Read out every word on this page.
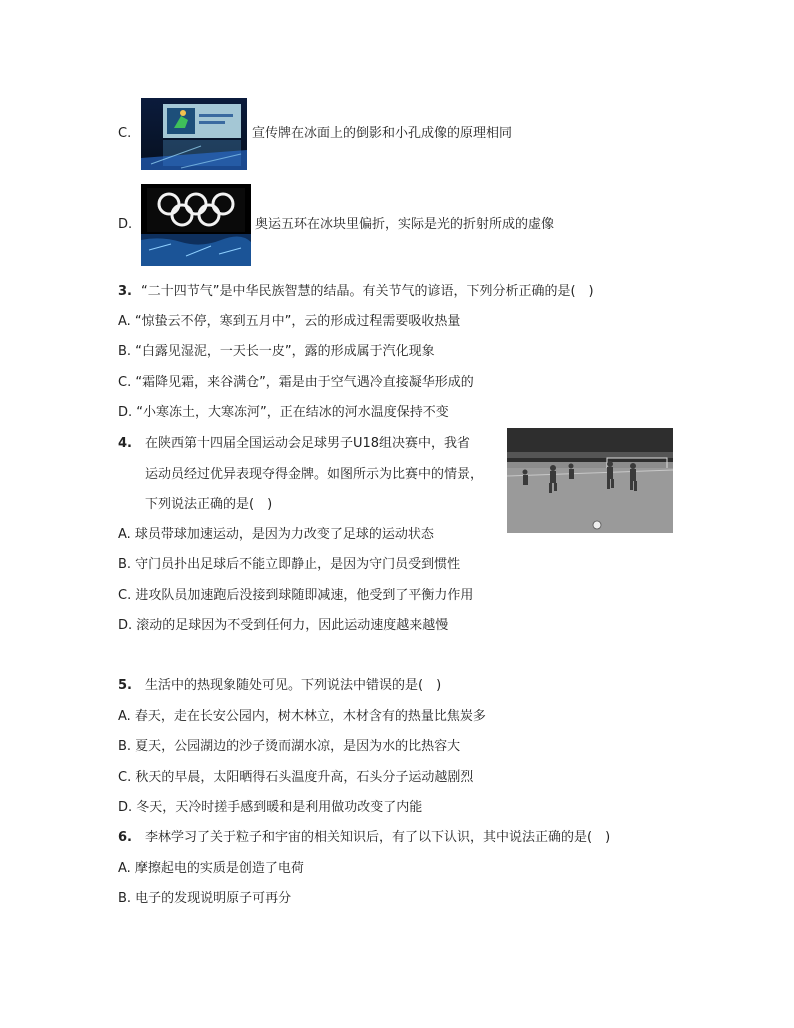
C.	宣传牌在冰面上的倒影和小孔成像的原理相同
D.	奥运五环在冰块里偏折，实际是光的折射所成的虚像
3. “二十四节气”是中华民族智慧的结晶。有关节气的谚语，下列分析正确的是(　)
A. “惊蛰云不停，寒到五月中”，云的形成过程需要吸收热量
B. “白露见湿泥，一天长一皮”，露的形成属于汽化现象
C. “霜降见霜，来谷满仓”，霜是由于空气遇冷直接凝华形成的
D. “小寒冻土，大寒冻河”，正在结冰的河水温度保持不变
4. 在陕西第十四届全国运动会足球男子U18组决赛中，我省
运动员经过优异表现夺得金牌。如图所示为比赛中的情景，
下列说法正确的是(　)
A. 球员带球加速运动，是因为力改变了足球的运动状态
B. 守门员扑出足球后不能立即静止，是因为守门员受到惯性
C. 进攻队员加速跑后没接到球随即减速，他受到了平衡力作用
D. 滚动的足球因为不受到任何力，因此运动速度越来越慢
5. 生活中的热现象随处可见。下列说法中错误的是(　)
A. 春天，走在长安公园内，树木林立，木材含有的热量比焦炭多
B. 夏天，公园湖边的沙子烫而湖水凉，是因为水的比热容大
C. 秋天的早晨，太阳晒得石头温度升高，石头分子运动越剧烈
D. 冬天，天冷时搓手感到暖和是利用做功改变了内能
6. 李林学习了关于粒子和宇宙的相关知识后，有了以下认识，其中说法正确的是(　)
A. 摩擦起电的实质是创造了电荷
B. 电子的发现说明原子可再分
